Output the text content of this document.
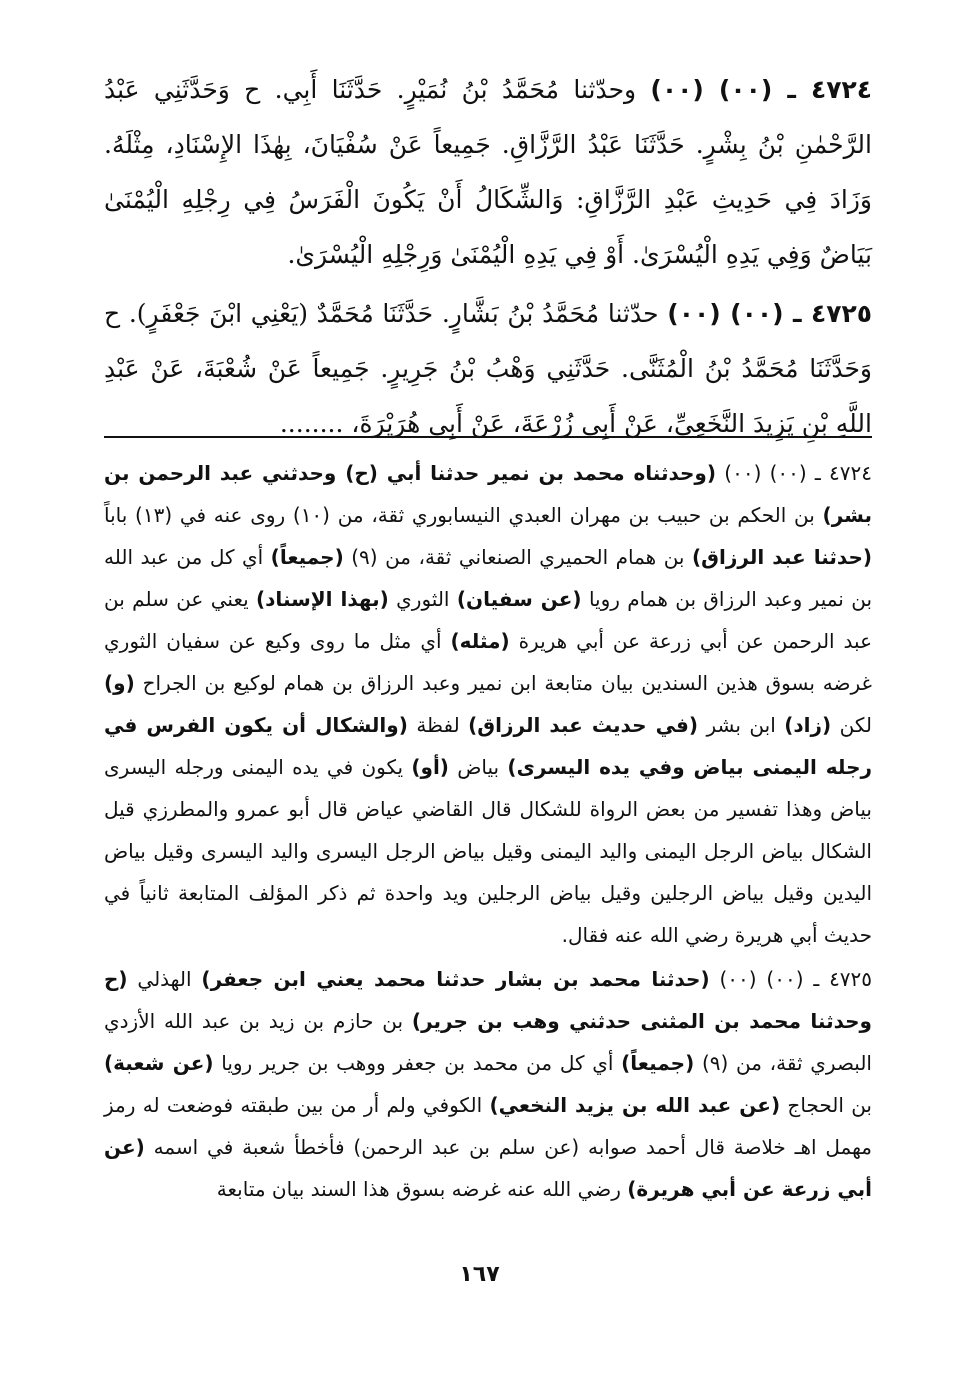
٤٧٢٤ ـ (٠٠) (٠٠) وحدّثنا مُحَمَّدُ بْنُ نُمَيْرٍ. حَدَّثَنَا أَبِي. ح وَحَدَّثَنِي عَبْدُ الرَّحْمٰنِ بْنُ بِشْرٍ. حَدَّثَنَا عَبْدُ الرَّزَّاقِ. جَمِيعاً عَنْ سُفْيَانَ، بِهٰذَا الإِسْنَادِ، مِثْلَهُ. وَزَادَ فِي حَدِيثِ عَبْدِ الرَّزَّاقِ: وَالشِّكَالُ أَنْ يَكُونَ الْفَرَسُ فِي رِجْلِهِ الْيُمْنَىٰ بَيَاضٌ وَفِي يَدِهِ الْيُسْرَىٰ. أَوْ فِي يَدِهِ الْيُمْنَىٰ وَرِجْلِهِ الْيُسْرَىٰ.

٤٧٢٥ ـ (٠٠) (٠٠) حدّثنا مُحَمَّدُ بْنُ بَشَّارٍ. حَدَّثَنَا مُحَمَّدٌ (يَعْنِي ابْنَ جَعْفَرٍ). ح وَحَدَّثَنَا مُحَمَّدُ بْنُ الْمُثَنَّى. حَدَّثَنِي وَهْبُ بْنُ جَرِيرٍ. جَمِيعاً عَنْ شُعْبَةَ، عَنْ عَبْدِ اللَّهِ بْنِ يَزِيدَ النَّخَعِيِّ، عَنْ أَبِي زُرْعَةَ، عَنْ أَبِي هُرَيْرَةَ، ........

٤٧٢٤ ـ (٠٠) (٠٠) (وحدثناه محمد بن نمير حدثنا أبي (ح) وحدثني عبد الرحمن بن بشر) بن الحكم بن حبيب بن مهران العبدي النيسابوري ثقة، من (١٠) روى عنه في (١٣) باباً (حدثنا عبد الرزاق) بن همام الحميري الصنعاني ثقة، من (٩) (جميعاً) أي كل من عبد الله بن نمير وعبد الرزاق بن همام رويا (عن سفيان) الثوري (بهذا الإسناد) يعني عن سلم بن عبد الرحمن عن أبي زرعة عن أبي هريرة (مثله) أي مثل ما روى وكيع عن سفيان الثوري غرضه بسوق هذين السندين بيان متابعة ابن نمير وعبد الرزاق بن همام لوكيع بن الجراح (و) لكن (زاد) ابن بشر (في حديث عبد الرزاق) لفظة (والشكال أن يكون الفرس في رجله اليمنى بياض وفي يده اليسرى) بياض (أو) يكون في يده اليمنى ورجله اليسرى بياض وهذا تفسير من بعض الرواة للشكال قال القاضي عياض قال أبو عمرو والمطرزي قيل الشكال بياض الرجل اليمنى واليد اليمنى وقيل بياض الرجل اليسرى واليد اليسرى وقيل بياض اليدين وقيل بياض الرجلين وقيل بياض الرجلين ويد واحدة ثم ذكر المؤلف المتابعة ثانياً في حديث أبي هريرة رضي الله عنه فقال.

٤٧٢٥ ـ (٠٠) (٠٠) (حدثنا محمد بن بشار حدثنا محمد يعني ابن جعفر) الهذلي (ح وحدثنا محمد بن المثنى حدثني وهب بن جرير) بن حازم بن زيد بن عبد الله الأزدي البصري ثقة، من (٩) (جميعاً) أي كل من محمد بن جعفر ووهب بن جرير رويا (عن شعبة) بن الحجاج (عن عبد الله بن يزيد النخعي) الكوفي ولم أر من بين طبقته فوضعت له رمز مهمل اهـ خلاصة قال أحمد صوابه (عن سلم بن عبد الرحمن) فأخطأ شعبة في اسمه (عن أبي زرعة عن أبي هريرة) رضي الله عنه غرضه بسوق هذا السند بيان متابعة

١٦٧
